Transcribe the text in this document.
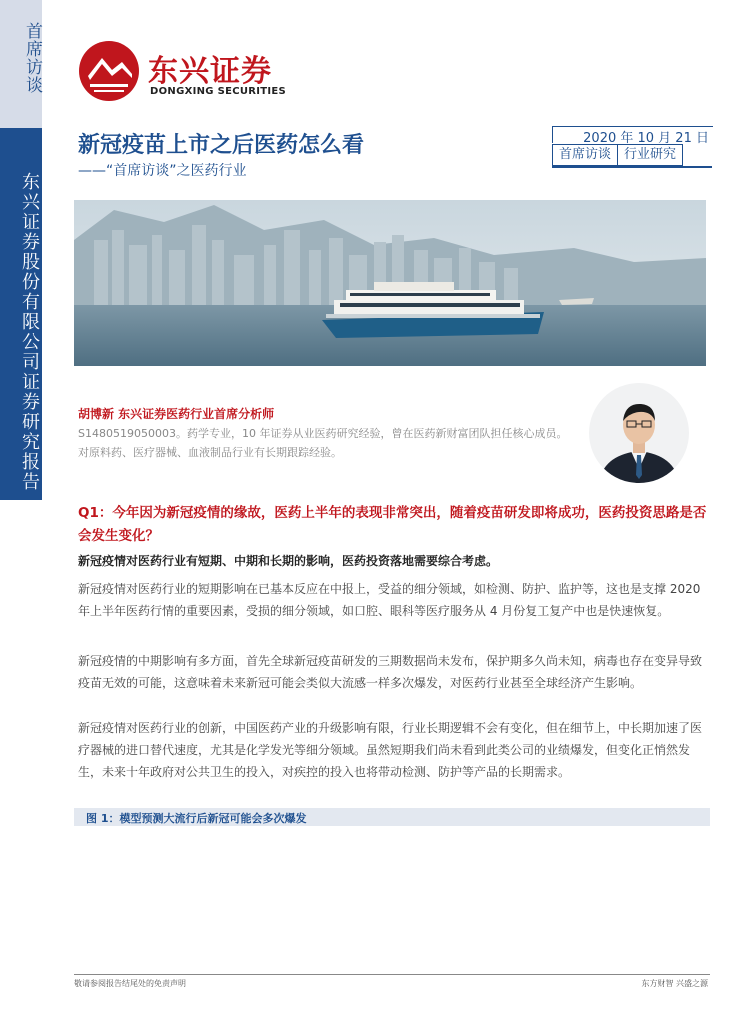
首席访谈
东兴证券股份有限公司证券研究报告
东兴证券
DONGXING SECURITIES
新冠疫苗上市之后医药怎么看
——“首席访谈”之医药行业
2020 年 10 月 21 日
首席访谈	行业研究
胡博新 东兴证券医药行业首席分析师
S1480519050003。药学专业，10 年证券从业医药研究经验，曾在医药新财富团队担任核心成员。对原料药、医疗器械、血液制品行业有长期跟踪经验。
Q1：今年因为新冠疫情的缘故，医药上半年的表现非常突出，随着疫苗研发即将成功，医药投资思路是否会发生变化？
新冠疫情对医药行业有短期、中期和长期的影响，医药投资落地需要综合考虑。
新冠疫情对医药行业的短期影响在已基本反应在中报上，受益的细分领域，如检测、防护、监护等，这也是支撑 2020 年上半年医药行情的重要因素，受损的细分领域，如口腔、眼科等医疗服务从 4 月份复工复产中也是快速恢复。
新冠疫情的中期影响有多方面，首先全球新冠疫苗研发的三期数据尚未发布，保护期多久尚未知，病毒也存在变异导致疫苗无效的可能，这意味着未来新冠可能会类似大流感一样多次爆发，对医药行业甚至全球经济产生影响。
新冠疫情对医药行业的创新，中国医药产业的升级影响有限，行业长期逻辑不会有变化，但在细节上，中长期加速了医疗器械的进口替代速度，尤其是化学发光等细分领域。虽然短期我们尚未看到此类公司的业绩爆发，但变化正悄然发生，未来十年政府对公共卫生的投入，对疾控的投入也将带动检测、防护等产品的长期需求。
图 1：模型预测大流行后新冠可能会多次爆发
敬请参阅报告结尾处的免责声明	东方财智 兴盛之源
